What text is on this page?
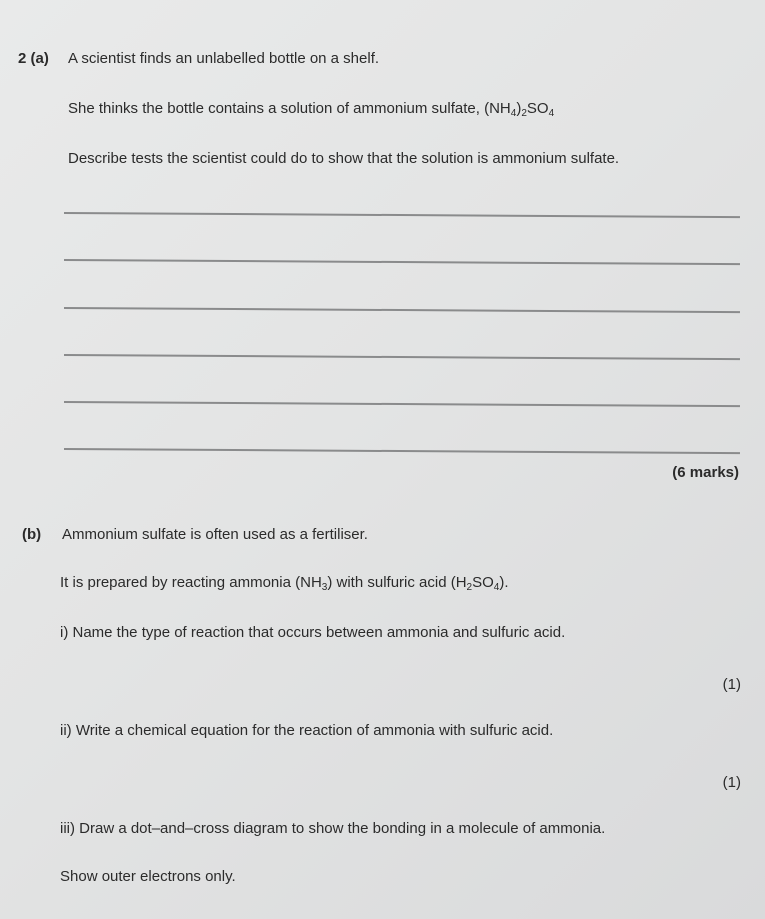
2 (a) A scientist finds an unlabelled bottle on a shelf.
She thinks the bottle contains a solution of ammonium sulfate, $(NH_4)_2SO_4$
Describe tests the scientist could do to show that the solution is ammonium sulfate.
(6 marks)
(b) Ammonium sulfate is often used as a fertiliser.
It is prepared by reacting ammonia $(NH_3)$ with sulfuric acid $(H_2SO_4)$.
i) Name the type of reaction that occurs between ammonia and sulfuric acid.
(1)
ii) Write a chemical equation for the reaction of ammonia with sulfuric acid.
(1)
iii) Draw a dot–and–cross diagram to show the bonding in a molecule of ammonia.
Show outer electrons only.
